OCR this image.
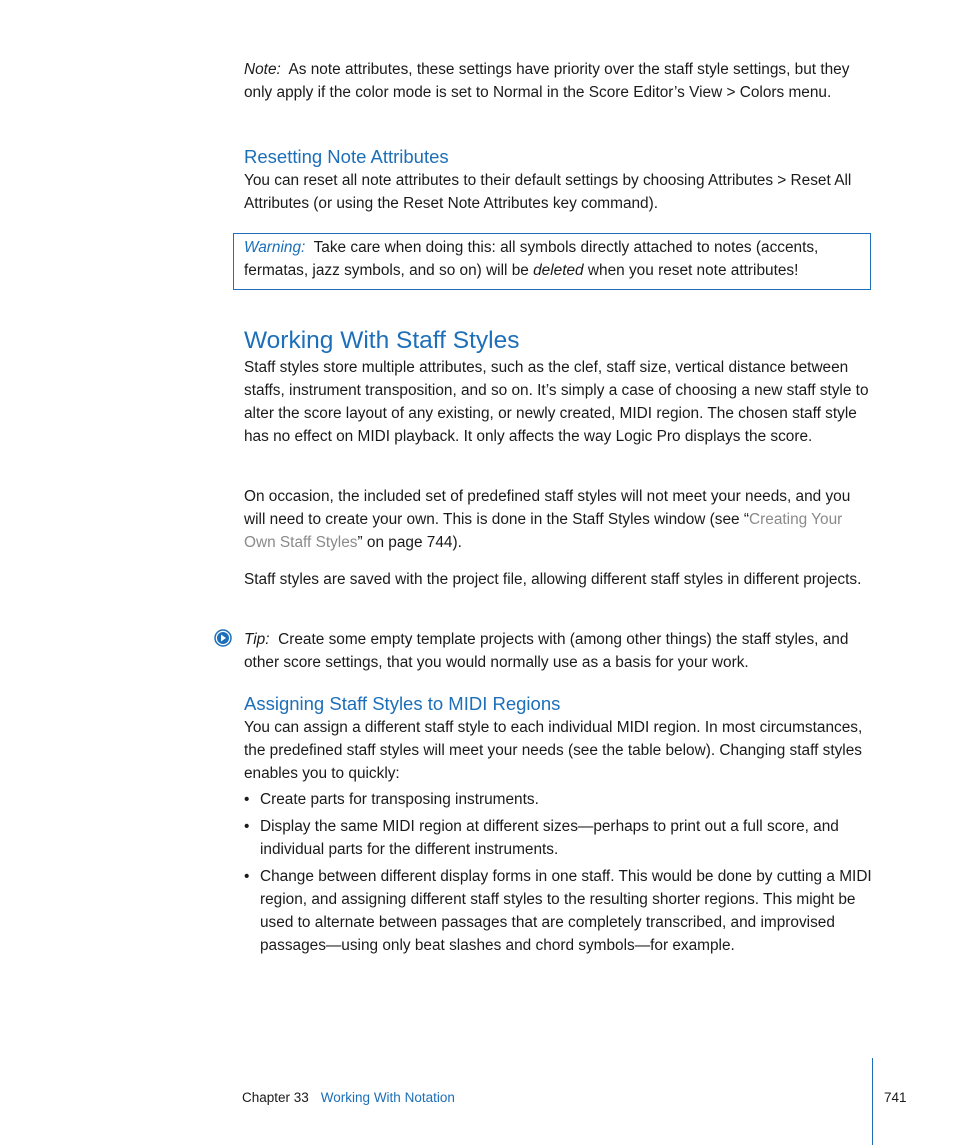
Note: As note attributes, these settings have priority over the staff style settings, but they only apply if the color mode is set to Normal in the Score Editor’s View > Colors menu.
Resetting Note Attributes
You can reset all note attributes to their default settings by choosing Attributes > Reset All Attributes (or using the Reset Note Attributes key command).
Warning: Take care when doing this: all symbols directly attached to notes (accents, fermatas, jazz symbols, and so on) will be deleted when you reset note attributes!
Working With Staff Styles
Staff styles store multiple attributes, such as the clef, staff size, vertical distance between staffs, instrument transposition, and so on. It’s simply a case of choosing a new staff style to alter the score layout of any existing, or newly created, MIDI region. The chosen staff style has no effect on MIDI playback. It only affects the way Logic Pro displays the score.
On occasion, the included set of predefined staff styles will not meet your needs, and you will need to create your own. This is done in the Staff Styles window (see “Creating Your Own Staff Styles” on page 744).
Staff styles are saved with the project file, allowing different staff styles in different projects.
Tip: Create some empty template projects with (among other things) the staff styles, and other score settings, that you would normally use as a basis for your work.
Assigning Staff Styles to MIDI Regions
You can assign a different staff style to each individual MIDI region. In most circumstances, the predefined staff styles will meet your needs (see the table below). Changing staff styles enables you to quickly:
• Create parts for transposing instruments.
• Display the same MIDI region at different sizes—perhaps to print out a full score, and individual parts for the different instruments.
• Change between different display forms in one staff. This would be done by cutting a MIDI region, and assigning different staff styles to the resulting shorter regions. This might be used to alternate between passages that are completely transcribed, and improvised passages—using only beat slashes and chord symbols—for example.
Chapter 33 Working With Notation	741
